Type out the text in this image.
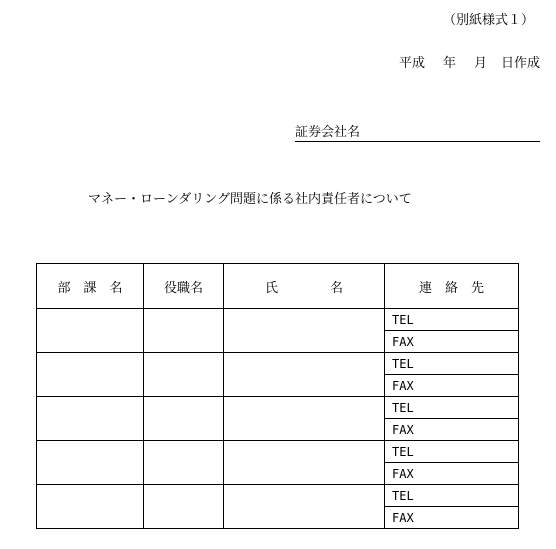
（別紙様式１）
平成 年 月 日作成
証券会社名
マネー・ローンダリング問題に係る社内責任者について
部　課　名	役職名	氏　　　　名	連　絡　先
			TEL
			FAX
			TEL
			FAX
			TEL
			FAX
			TEL
			FAX
			TEL
			FAX
